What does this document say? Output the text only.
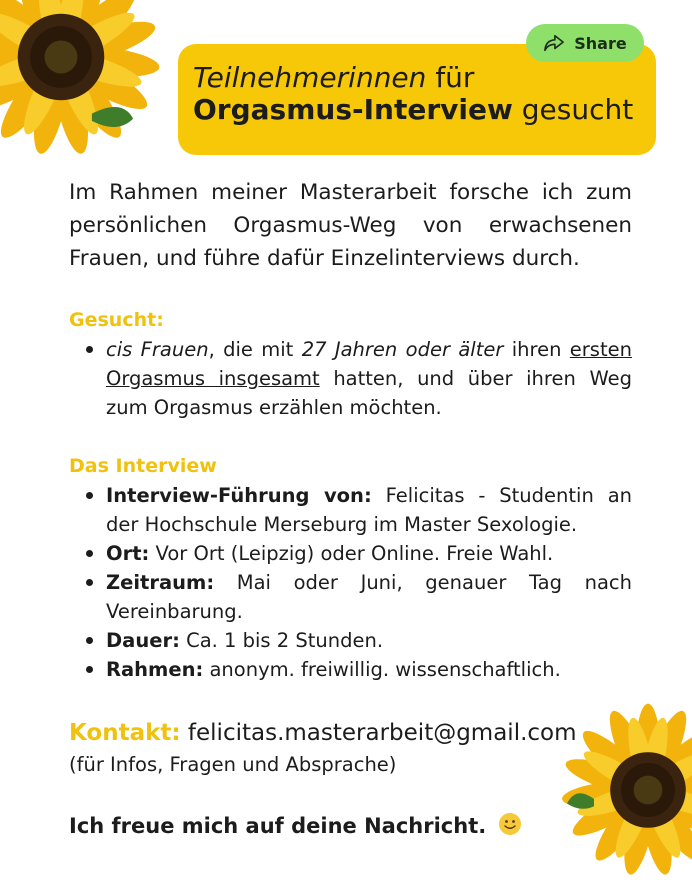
Teilnehmerinnen für
Orgasmus-Interview gesucht
Share

Im Rahmen meiner Masterarbeit forsche ich zum persönlichen Orgasmus-Weg von erwachsenen Frauen, und führe dafür Einzelinterviews durch.

Gesucht:

cis Frauen, die mit 27 Jahren oder älter ihren ersten Orgasmus insgesamt hatten, und über ihren Weg zum Orgasmus erzählen möchten.

Das Interview

Interview-Führung von: Felicitas - Studentin an der Hochschule Merseburg im Master Sexologie.
Ort: Vor Ort (Leipzig) oder Online. Freie Wahl.
Zeitraum: Mai oder Juni, genauer Tag nach Vereinbarung.
Dauer: Ca. 1 bis 2 Stunden.
Rahmen: anonym. freiwillig. wissenschaftlich.
Kontakt: felicitas.masterarbeit@gmail.com
(für Infos, Fragen und Absprache)
Ich freue mich auf deine Nachricht.
